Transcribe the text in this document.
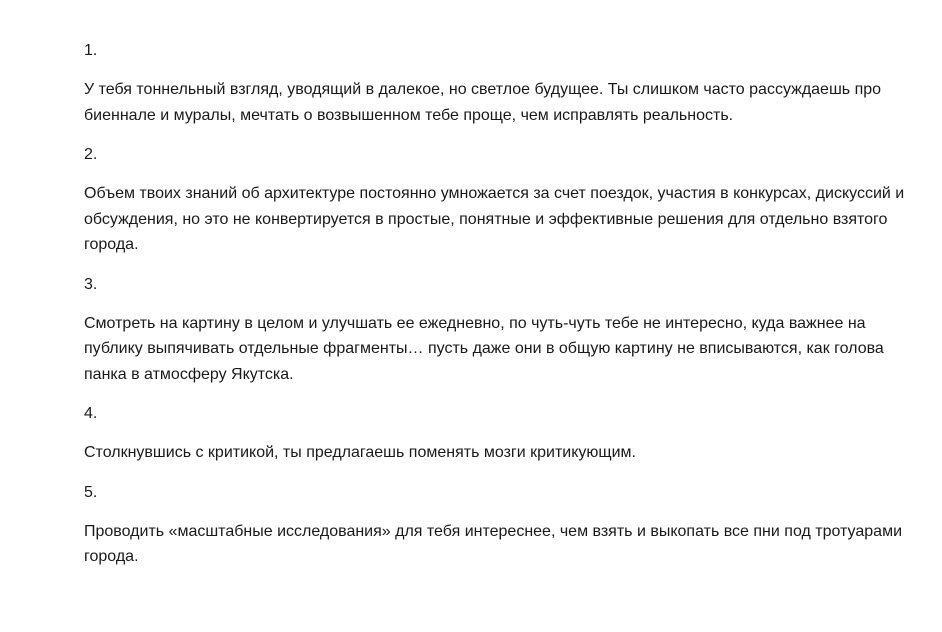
1.

У тебя тоннельный взгляд, уводящий в далекое, но светлое будущее. Ты слишком часто рассуждаешь про биеннале и муралы, мечтать о возвышенном тебе проще, чем исправлять реальность.

2.

Объем твоих знаний об архитектуре постоянно умножается за счет поездок, участия в конкурсах, дискуссий и обсуждения, но это не конвертируется в простые, понятные и эффективные решения для отдельно взятого города.

3.

Смотреть на картину в целом и улучшать ее ежедневно, по чуть-чуть тебе не интересно, куда важнее на публику выпячивать отдельные фрагменты… пусть даже они в общую картину не вписываются, как голова панка в атмосферу Якутска.

4.

Столкнувшись с критикой, ты предлагаешь поменять мозги критикующим.

5.

Проводить «масштабные исследования» для тебя интереснее, чем взять и выкопать все пни под тротуарами города.
